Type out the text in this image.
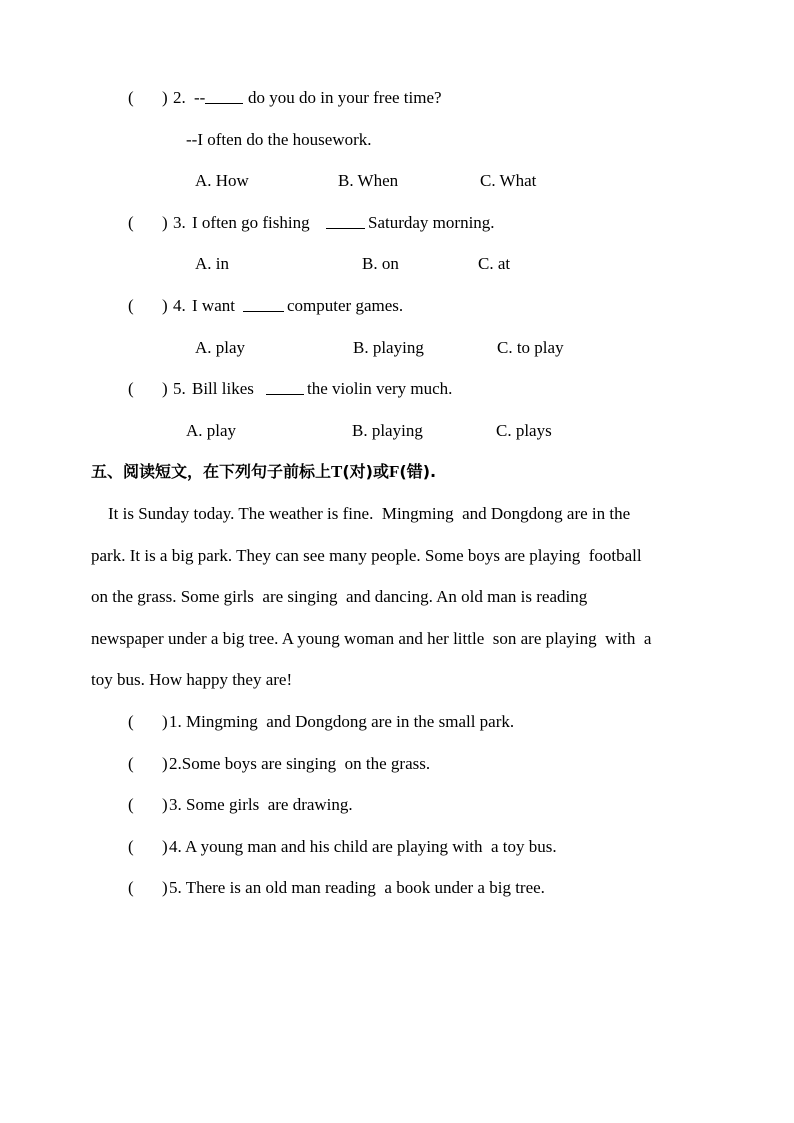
( ) 2. --	do you do in your free time?
--I often do the housework.
A. How	B. When	C. What
( ) 3. I often go fishing	Saturday morning.
A. in	B. on	C. at
( ) 4. I want	computer games.
A. play	B. playing	C. to play
( ) 5. Bill likes	the violin very much.
A. play	B. playing	C. plays
五、阅读短文，在下列句子前标上T(对)或F(错).
It is Sunday today. The weather is fine.  Mingming  and Dongdong are in the
park. It is a big park. They can see many people. Some boys are playing  football
on the grass. Some girls  are singing  and dancing. An old man is reading
newspaper under a big tree. A young woman and her little  son are playing  with  a
toy bus. How happy they are!
( ) 1. Mingming  and Dongdong are in the small park.
( ) 2.Some boys are singing  on the grass.
( ) 3. Some girls  are drawing.
( ) 4. A young man and his child are playing with  a toy bus.
( ) 5. There is an old man reading  a book under a big tree.
